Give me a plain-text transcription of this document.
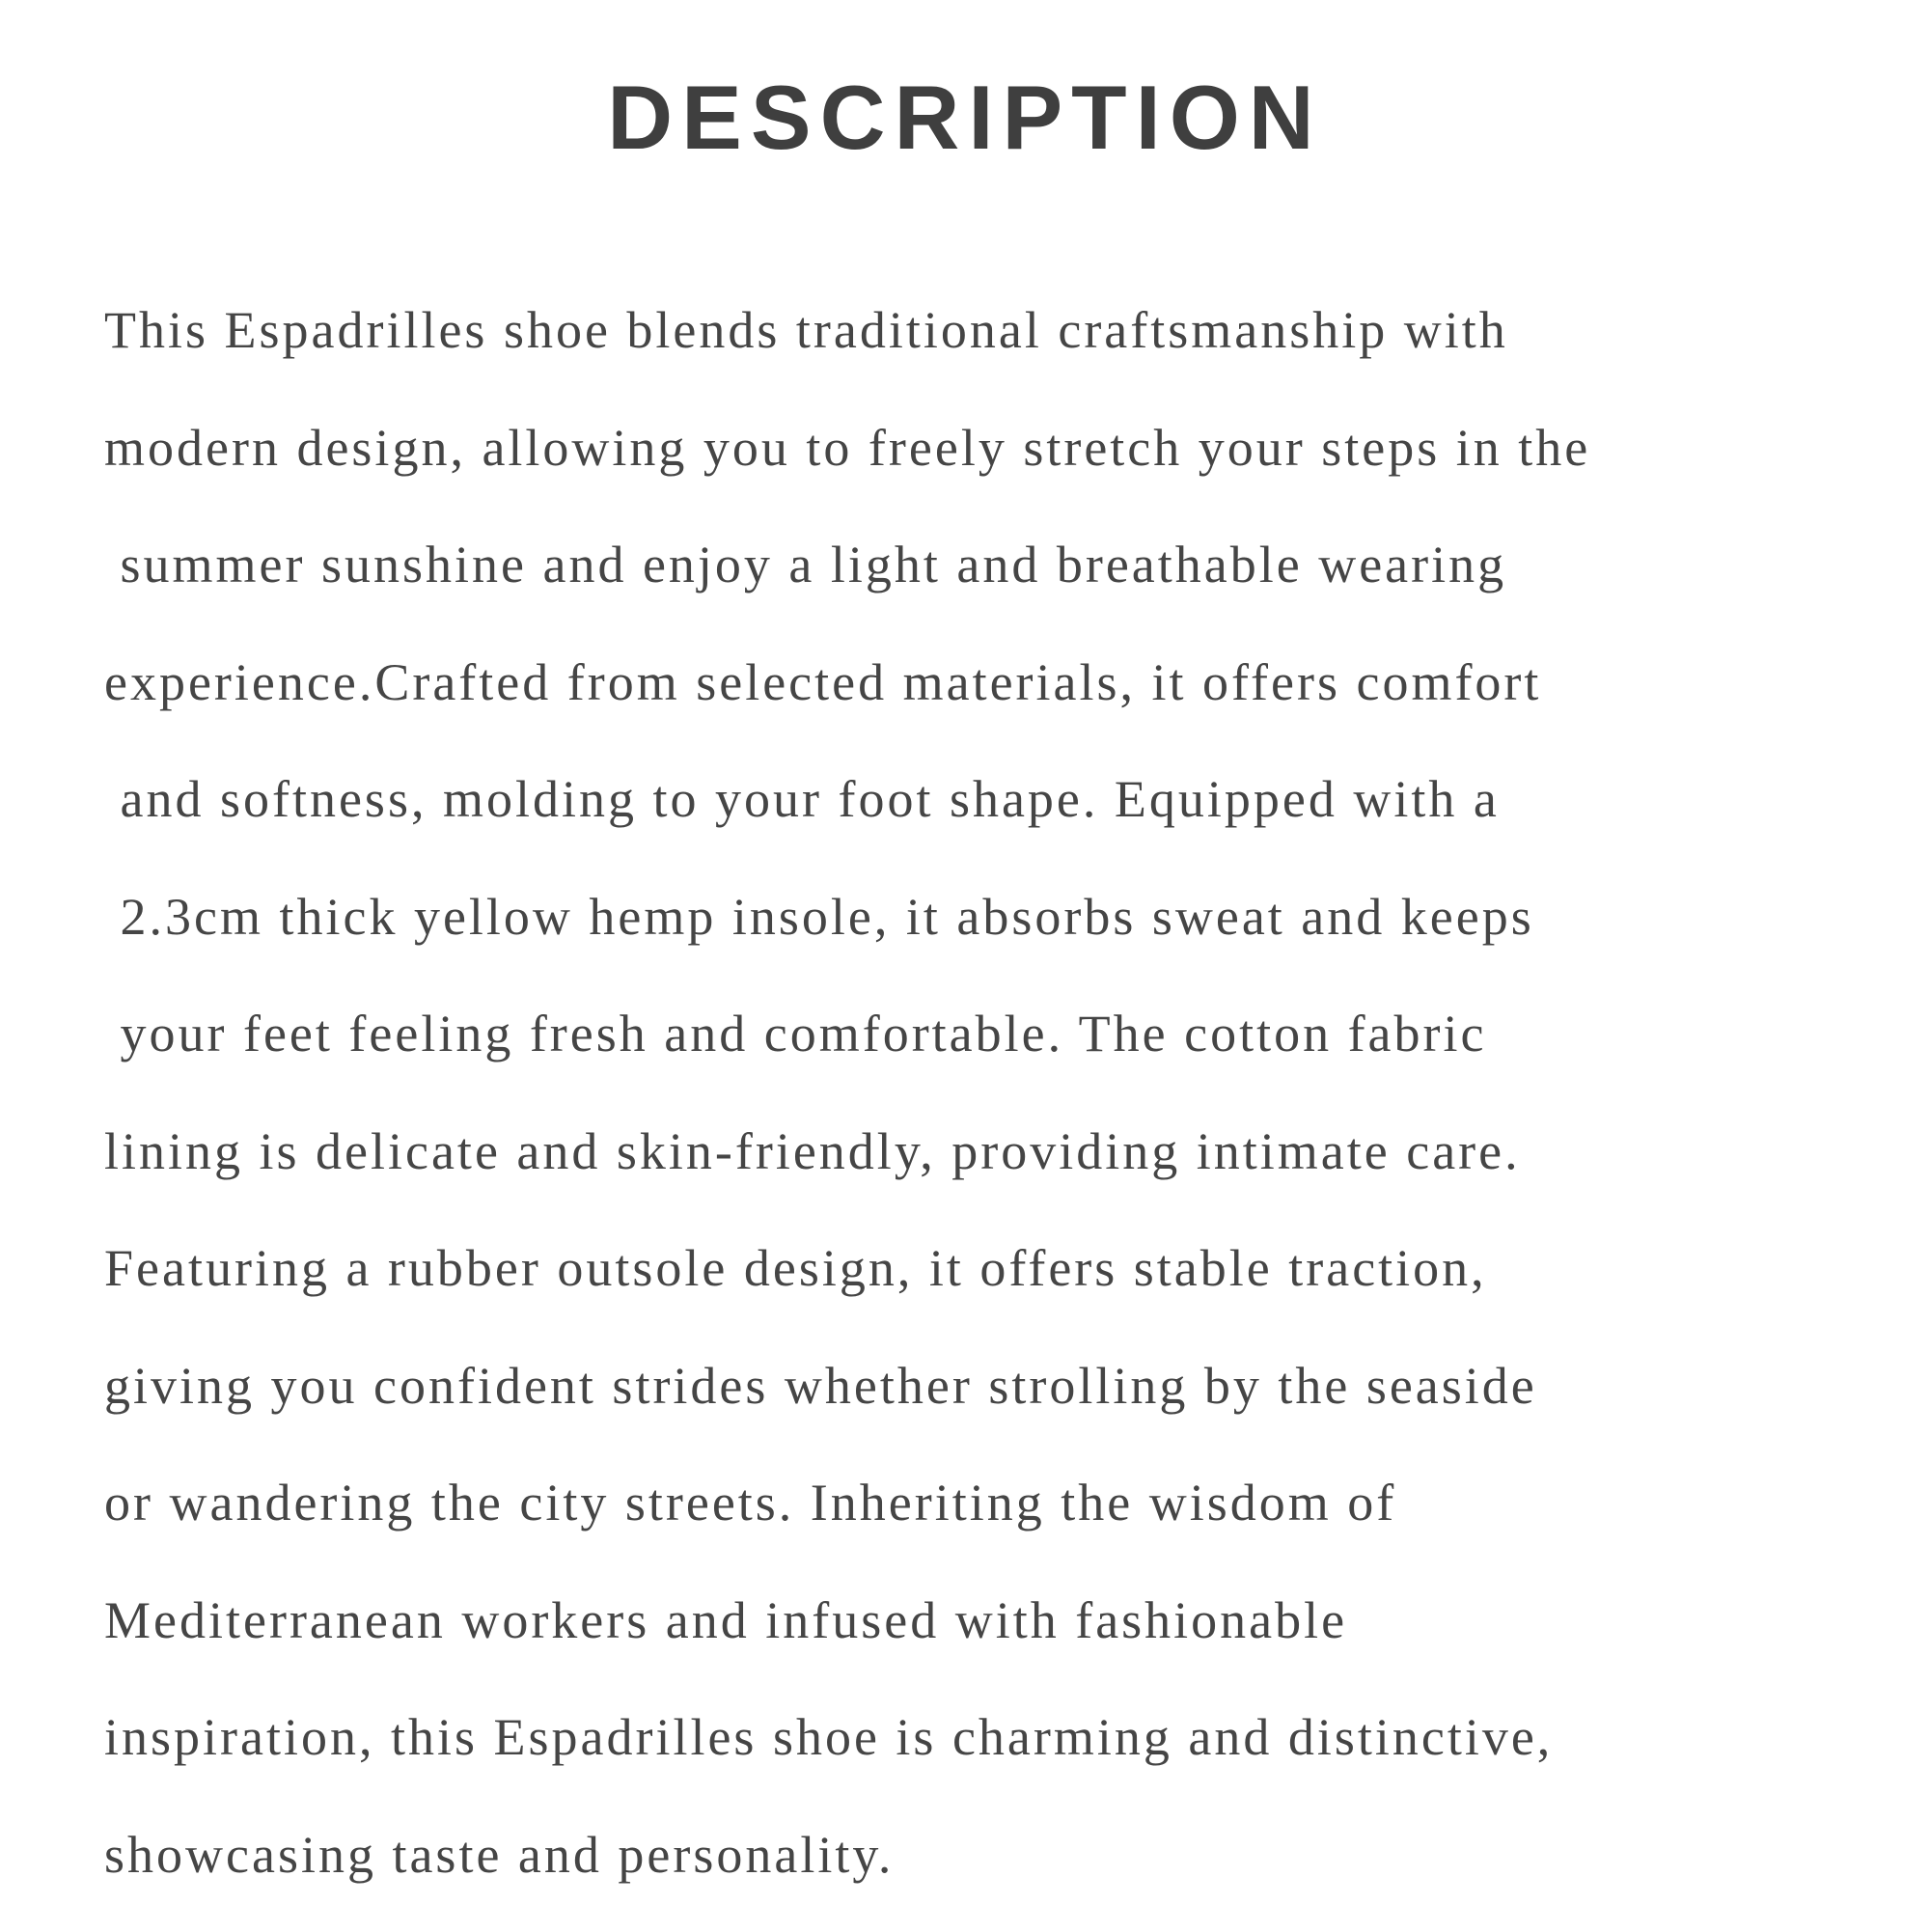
DESCRIPTION
This Espadrilles shoe blends traditional craftsmanship with
modern design, allowing you to freely stretch your steps in the
summer sunshine and enjoy a light and breathable wearing
experience.Crafted from selected materials, it offers comfort
and softness, molding to your foot shape. Equipped with a
2.3cm thick yellow hemp insole, it absorbs sweat and keeps
your feet feeling fresh and comfortable. The cotton fabric
lining is delicate and skin-friendly, providing intimate care.
Featuring a rubber outsole design, it offers stable traction,
giving you confident strides whether strolling by the seaside
or wandering the city streets. Inheriting the wisdom of
Mediterranean workers and infused with fashionable
inspiration, this Espadrilles shoe is charming and distinctive,
showcasing taste and personality.
